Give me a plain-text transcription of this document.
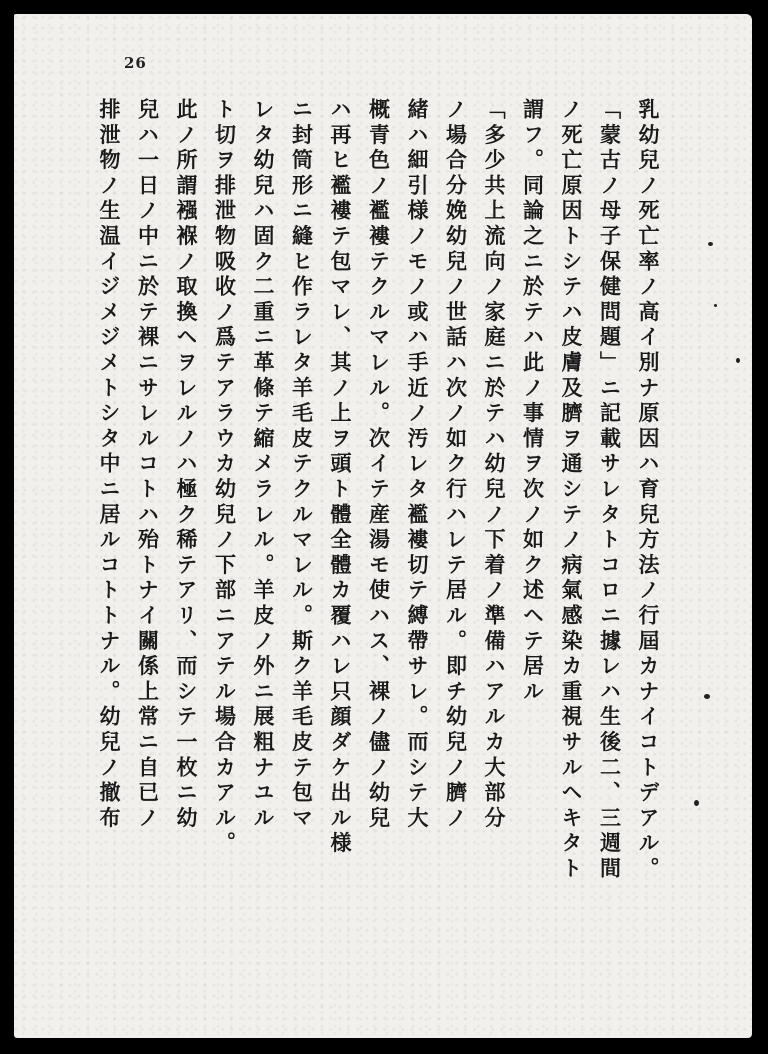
26
乳幼兒ノ死亡率ノ高イ別ナ原因ハ育兒方法ノ行屆カナイコトデアル。
「蒙古ノ母子保健問題」ニ記載サレタトコロニ據レハ生後二、三週間
ノ死亡原因トシテハ皮膚及臍ヲ通シテノ病氣感染カ重視サルヘキタト
謂フ。同論之ニ於テハ此ノ事情ヲ次ノ如ク述ヘテ居ル
「多少共上流向ノ家庭ニ於テハ幼兒ノ下着ノ準備ハアルカ大部分
ノ場合分娩幼兒ノ世話ハ次ノ如ク行ハレテ居ル。即チ幼兒ノ臍ノ
緒ハ細引様ノモノ或ハ手近ノ汚レタ襤褸切テ縛帶サレ。而シテ大
概青色ノ襤褸テクルマレル。次イテ産湯モ使ハス、裸ノ儘ノ幼兒
ハ再ヒ襤褸テ包マレ、其ノ上ヲ頭ト體全體カ覆ハレ只顔ダケ出ル様
ニ封筒形ニ縫ヒ作ラレタ羊毛皮テクルマレル。斯ク羊毛皮テ包マ
レタ幼兒ハ固ク二重ニ革條テ縮メラレル。羊皮ノ外ニ展粗ナユル
ト切ヲ排泄物吸收ノ爲テアラウカ幼兒ノ下部ニアテル場合カアル。
此ノ所謂襁褓ノ取換ヘヲレルノハ極ク稀テアリ、而シテ一枚ニ幼
兒ハ一日ノ中ニ於テ裸ニサレルコトハ殆トナイ關係上常ニ自已ノ
排泄物ノ生温イジメジメトシタ中ニ居ルコトトナル。幼兒ノ撤布
